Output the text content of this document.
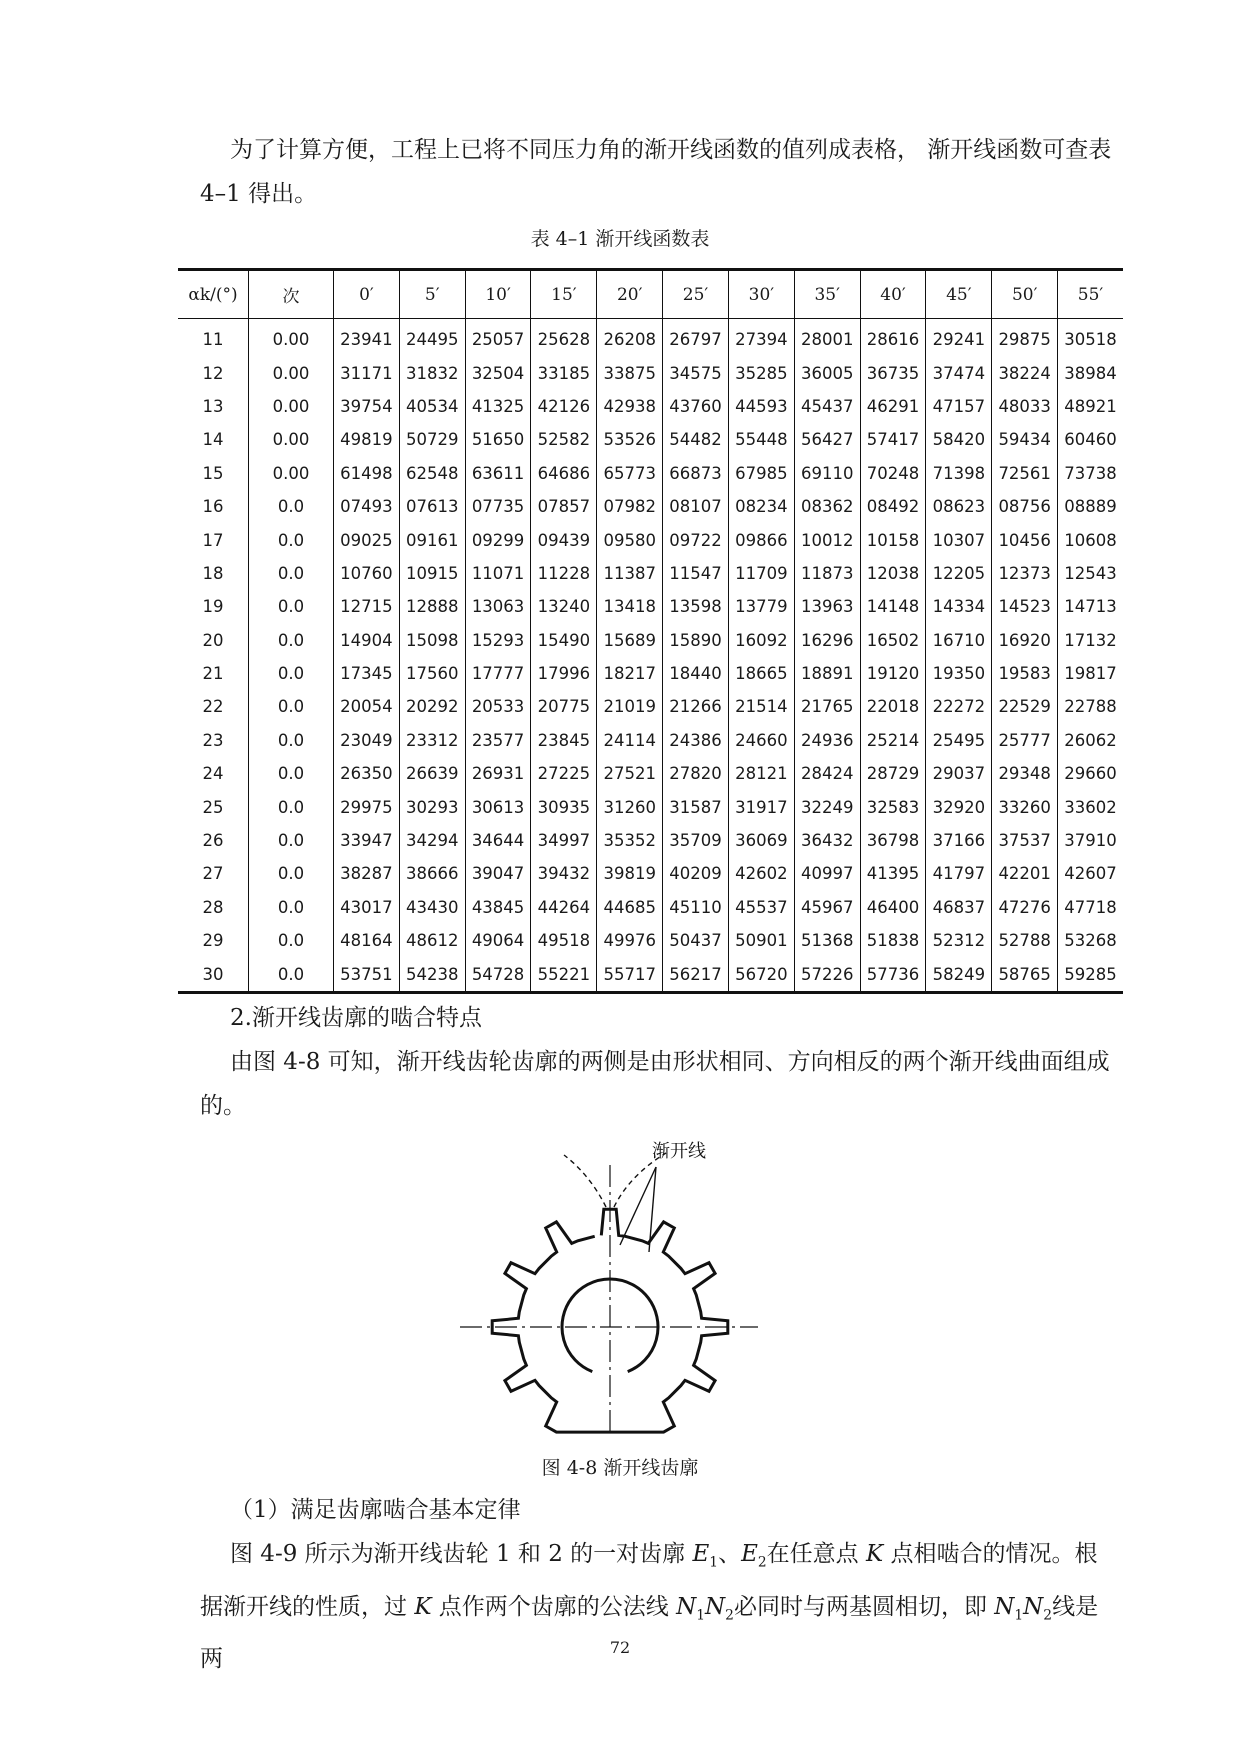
为了计算方便，工程上已将不同压力角的渐开线函数的值列成表格， 渐开线函数可查表 4–1 得出。

表 4–1 渐开线函数表

αk/(°)	次	0′	5′	10′	15′	20′	25′	30′	35′	40′	45′	50′	55′
11	0.00	23941	24495	25057	25628	26208	26797	27394	28001	28616	29241	29875	30518
12	0.00	31171	31832	32504	33185	33875	34575	35285	36005	36735	37474	38224	38984
13	0.00	39754	40534	41325	42126	42938	43760	44593	45437	46291	47157	48033	48921
14	0.00	49819	50729	51650	52582	53526	54482	55448	56427	57417	58420	59434	60460
15	0.00	61498	62548	63611	64686	65773	66873	67985	69110	70248	71398	72561	73738
16	0.0	07493	07613	07735	07857	07982	08107	08234	08362	08492	08623	08756	08889
17	0.0	09025	09161	09299	09439	09580	09722	09866	10012	10158	10307	10456	10608
18	0.0	10760	10915	11071	11228	11387	11547	11709	11873	12038	12205	12373	12543
19	0.0	12715	12888	13063	13240	13418	13598	13779	13963	14148	14334	14523	14713
20	0.0	14904	15098	15293	15490	15689	15890	16092	16296	16502	16710	16920	17132
21	0.0	17345	17560	17777	17996	18217	18440	18665	18891	19120	19350	19583	19817
22	0.0	20054	20292	20533	20775	21019	21266	21514	21765	22018	22272	22529	22788
23	0.0	23049	23312	23577	23845	24114	24386	24660	24936	25214	25495	25777	26062
24	0.0	26350	26639	26931	27225	27521	27820	28121	28424	28729	29037	29348	29660
25	0.0	29975	30293	30613	30935	31260	31587	31917	32249	32583	32920	33260	33602
26	0.0	33947	34294	34644	34997	35352	35709	36069	36432	36798	37166	37537	37910
27	0.0	38287	38666	39047	39432	39819	40209	42602	40997	41395	41797	42201	42607
28	0.0	43017	43430	43845	44264	44685	45110	45537	45967	46400	46837	47276	47718
29	0.0	48164	48612	49064	49518	49976	50437	50901	51368	51838	52312	52788	53268
30	0.0	53751	54238	54728	55221	55717	56217	56720	57226	57736	58249	58765	59285

2.渐开线齿廓的啮合特点

由图 4-8 可知，渐开线齿轮齿廓的两侧是由形状相同、方向相反的两个渐开线曲面组成的。

渐开线

图 4-8 渐开线齿廓

（1）满足齿廓啮合基本定律

图 4-9 所示为渐开线齿轮 1 和 2 的一对齿廓 $E_1$、$E_2$在任意点 K 点相啮合的情况。根据渐开线的性质，过 K 点作两个齿廓的公法线 $N_1N_2$必同时与两基圆相切，即 $N_1N_2$线是两	72
